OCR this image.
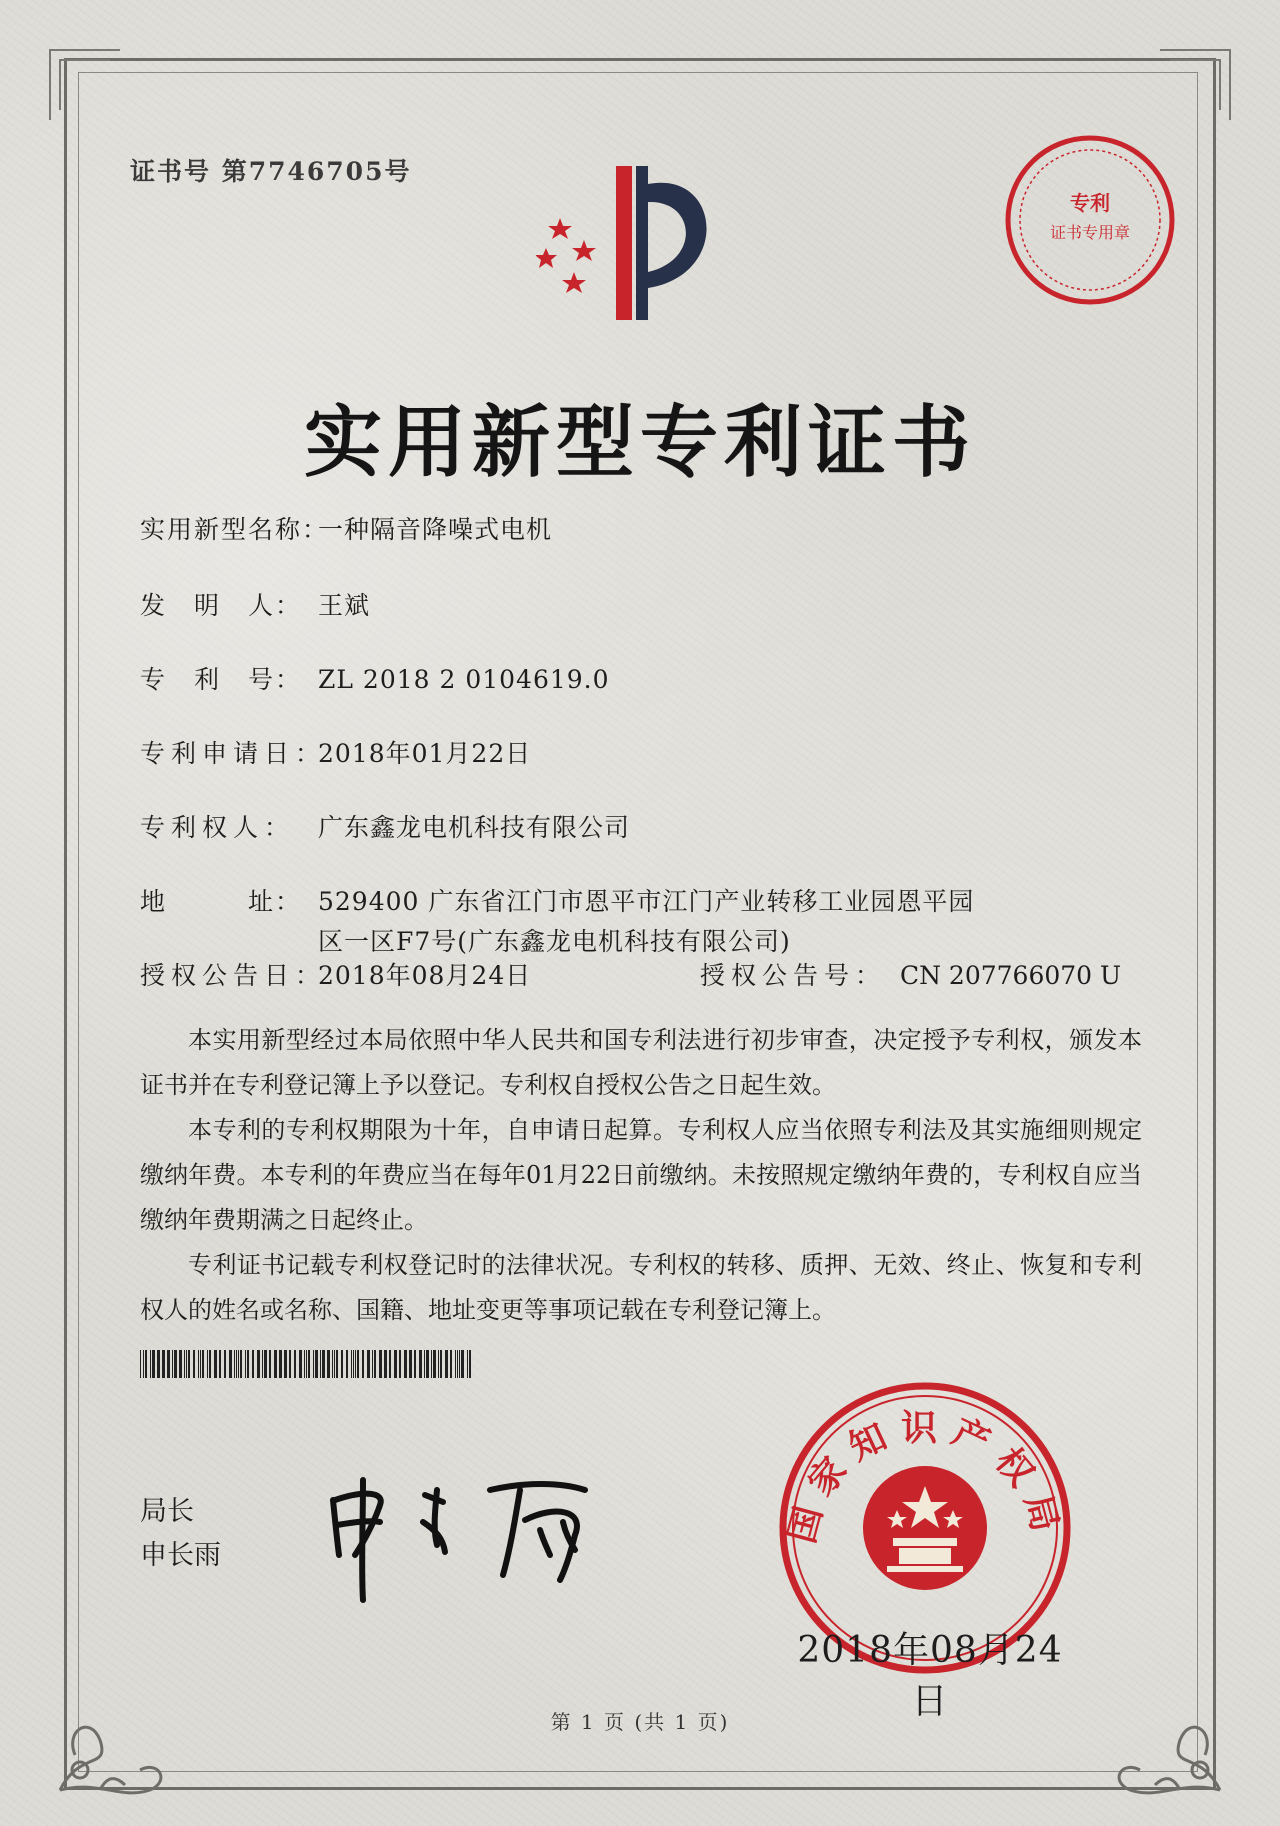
证书号 第7746705号
专利
证书专用章
实用新型专利证书
实用新型名称：
一种隔音降噪式电机
发　明　人： 王斌
专　利　号： ZL 2018 2 0104619.0
专利申请日：
2018年01月22日
专利权人： 广东鑫龙电机科技有限公司
地　　　址： 529400 广东省江门市恩平市江门产业转移工业园恩平园
区一区F7号(广东鑫龙电机科技有限公司)
授权公告日：
2018年08月24日	授权公告号： CN 207766070 U

本实用新型经过本局依照中华人民共和国专利法进行初步审查，决定授予专利权，颁发本证书并在专利登记簿上予以登记。专利权自授权公告之日起生效。

本专利的专利权期限为十年，自申请日起算。专利权人应当依照专利法及其实施细则规定缴纳年费。本专利的年费应当在每年01月22日前缴纳。未按照规定缴纳年费的，专利权自应当缴纳年费期满之日起终止。

专利证书记载专利权登记时的法律状况。专利权的转移、质押、无效、终止、恢复和专利权人的姓名或名称、国籍、地址变更等事项记载在专利登记簿上。

局长
申长雨
国家知识产权局
2018年08月24日
第 1 页 (共 1 页)
